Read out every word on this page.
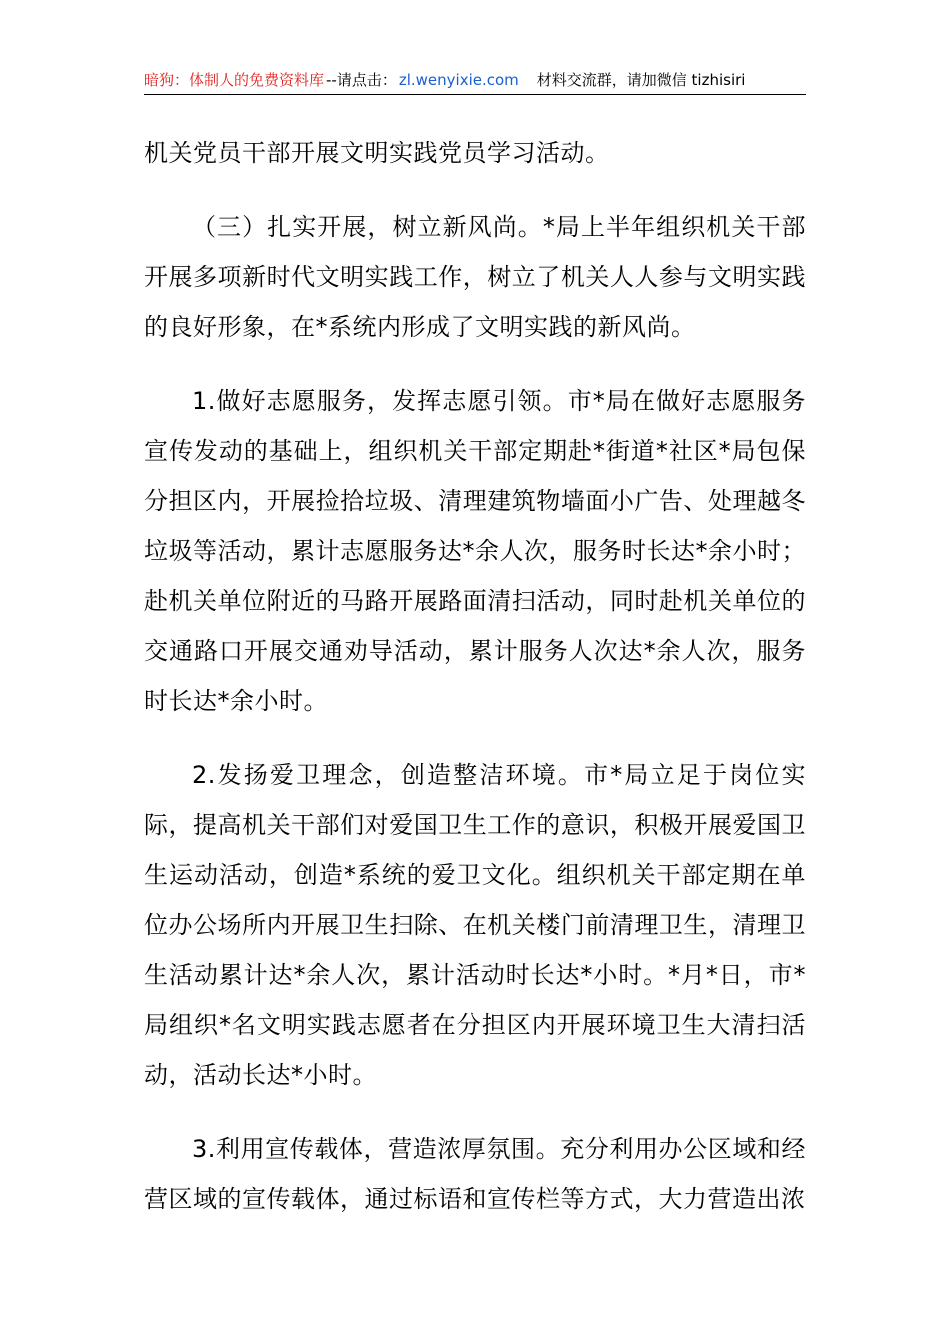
暗狗：体制人的免费资料库 --请点击： zl.wenyixie.com 材料交流群，请加微信 tizhisiri

机关党员干部开展文明实践党员学习活动。

（三）扎实开展，树立新风尚。*局上半年组织机关干部开展多项新时代文明实践工作，树立了机关人人参与文明实践的良好形象，在*系统内形成了文明实践的新风尚。

1.做好志愿服务，发挥志愿引领。市*局在做好志愿服务宣传发动的基础上，组织机关干部定期赴*街道*社区*局包保分担区内，开展捡拾垃圾、清理建筑物墙面小广告、处理越冬垃圾等活动，累计志愿服务达*余人次，服务时长达*余小时；赴机关单位附近的马路开展路面清扫活动，同时赴机关单位的交通路口开展交通劝导活动，累计服务人次达*余人次，服务时长达*余小时。

2.发扬爱卫理念，创造整洁环境。市*局立足于岗位实际，提高机关干部们对爱国卫生工作的意识，积极开展爱国卫生运动活动，创造*系统的爱卫文化。组织机关干部定期在单位办公场所内开展卫生扫除、在机关楼门前清理卫生，清理卫生活动累计达*余人次，累计活动时长达*小时。*月*日，市*局组织*名文明实践志愿者在分担区内开展环境卫生大清扫活动，活动长达*小时。

3.利用宣传载体，营造浓厚氛围。充分利用办公区域和经营区域的宣传载体，通过标语和宣传栏等方式，大力营造出浓
